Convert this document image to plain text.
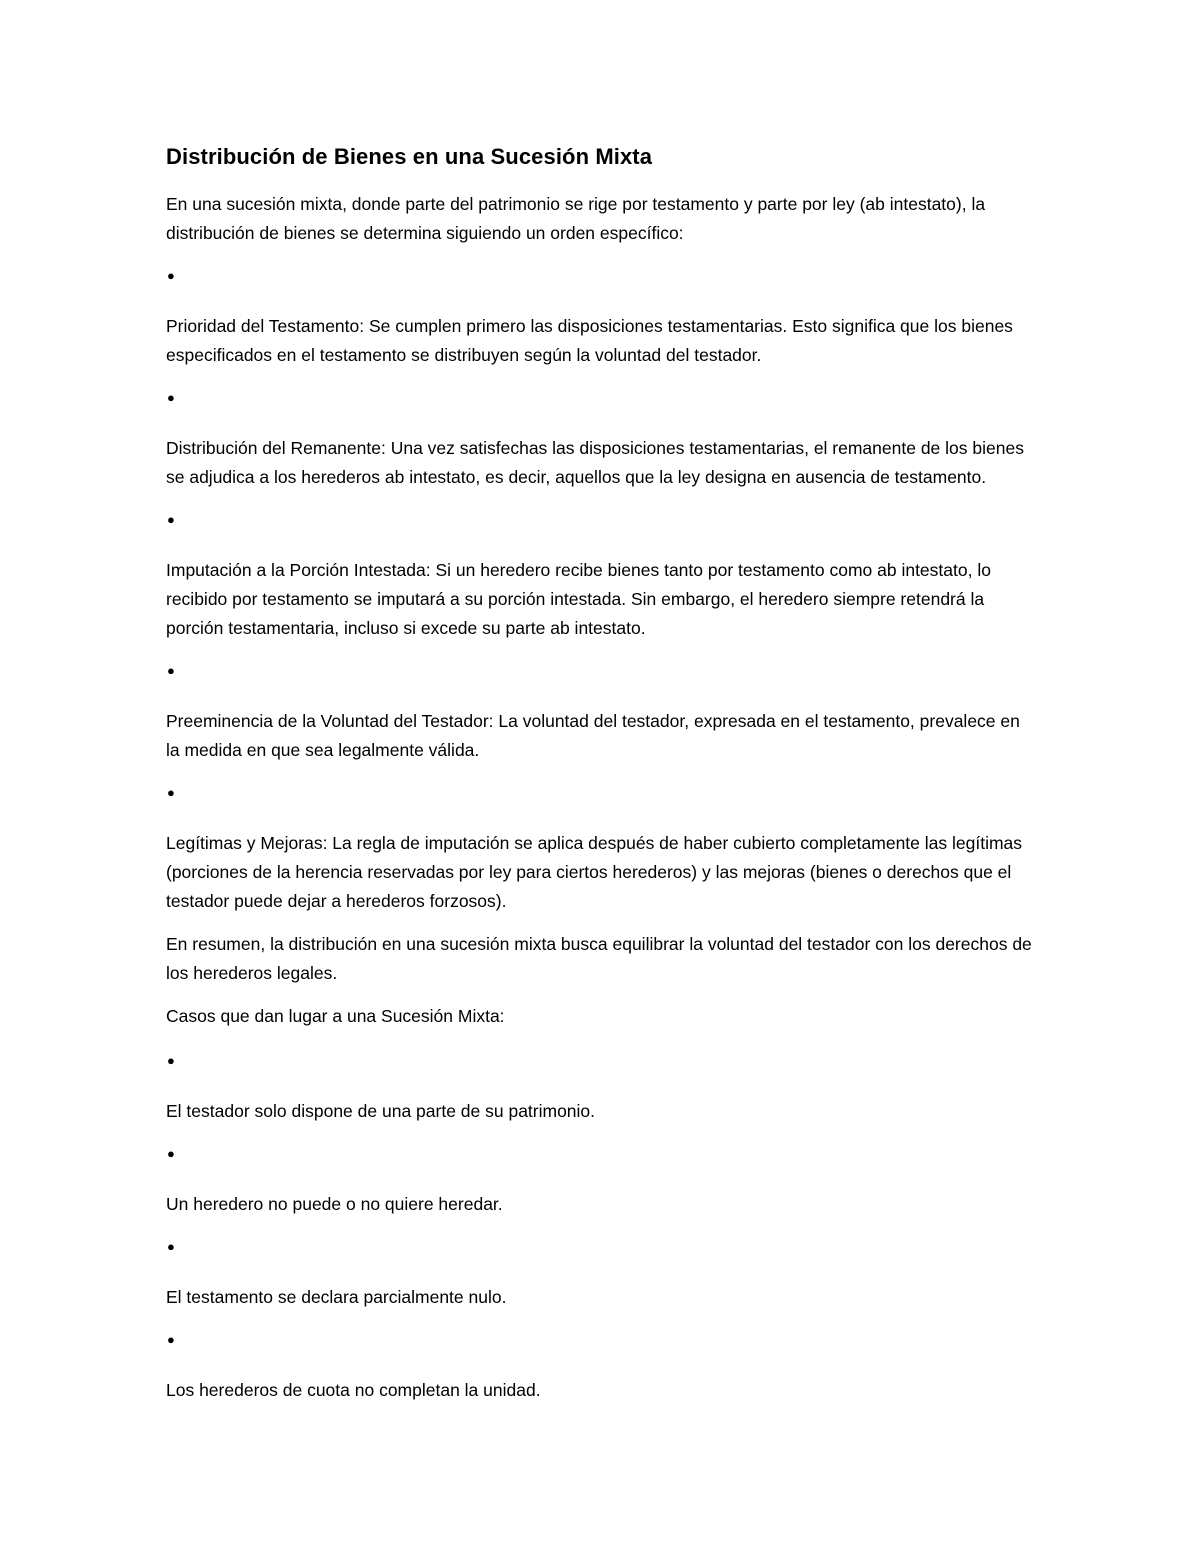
Distribución de Bienes en una Sucesión Mixta

En una sucesión mixta, donde parte del patrimonio se rige por testamento y parte por ley (ab intestato), la distribución de bienes se determina siguiendo un orden específico:

●

Prioridad del Testamento: Se cumplen primero las disposiciones testamentarias. Esto significa que los bienes especificados en el testamento se distribuyen según la voluntad del testador.

●

Distribución del Remanente: Una vez satisfechas las disposiciones testamentarias, el remanente de los bienes se adjudica a los herederos ab intestato, es decir, aquellos que la ley designa en ausencia de testamento.

●

Imputación a la Porción Intestada: Si un heredero recibe bienes tanto por testamento como ab intestato, lo recibido por testamento se imputará a su porción intestada. Sin embargo, el heredero siempre retendrá la porción testamentaria, incluso si excede su parte ab intestato.

●

Preeminencia de la Voluntad del Testador: La voluntad del testador, expresada en el testamento, prevalece en la medida en que sea legalmente válida.

●

Legítimas y Mejoras: La regla de imputación se aplica después de haber cubierto completamente las legítimas (porciones de la herencia reservadas por ley para ciertos herederos) y las mejoras (bienes o derechos que el testador puede dejar a herederos forzosos).

En resumen, la distribución en una sucesión mixta busca equilibrar la voluntad del testador con los derechos de los herederos legales.

Casos que dan lugar a una Sucesión Mixta:

●

El testador solo dispone de una parte de su patrimonio.

●

Un heredero no puede o no quiere heredar.

●

El testamento se declara parcialmente nulo.

●

Los herederos de cuota no completan la unidad.
